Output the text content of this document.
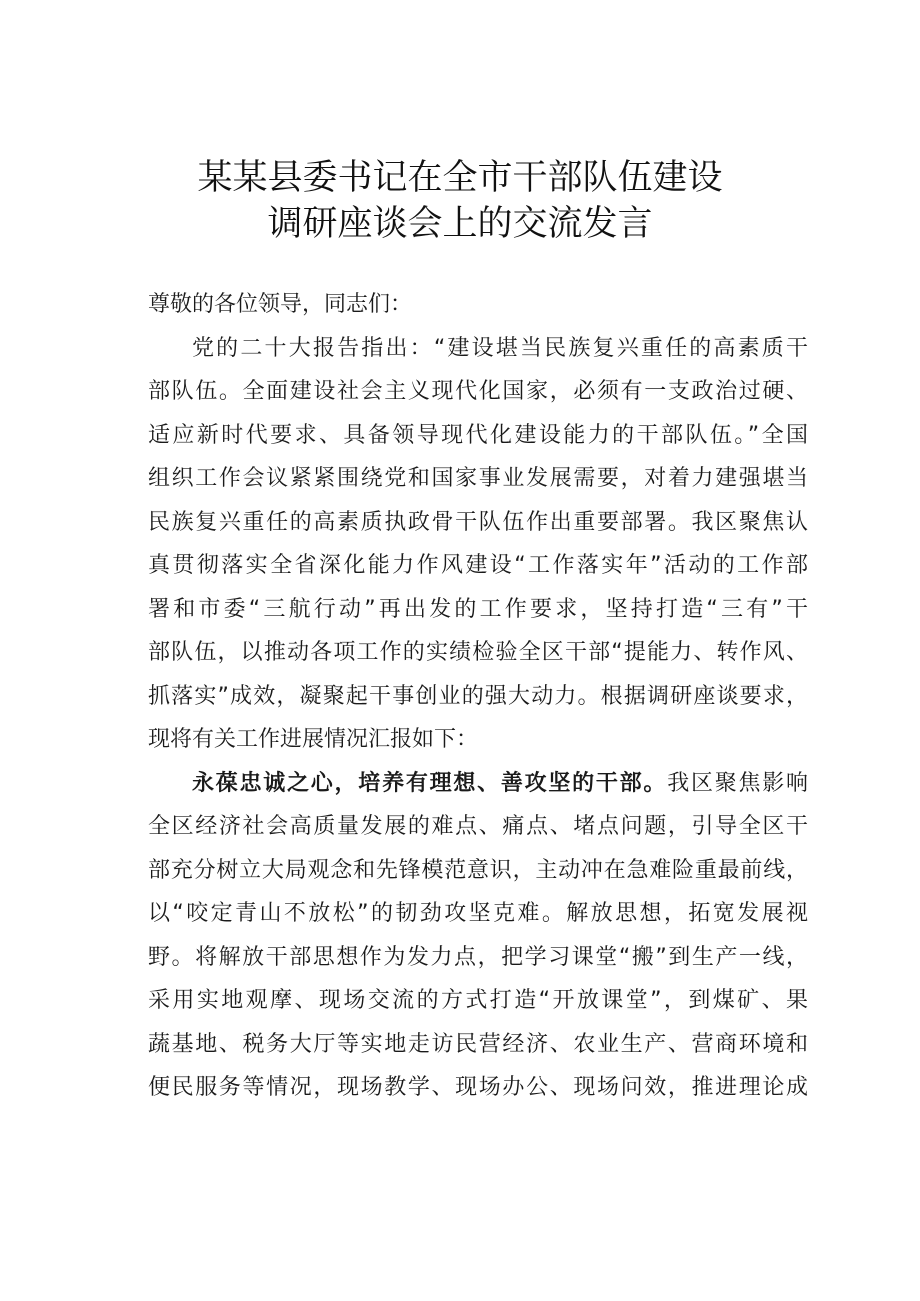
某某县委书记在全市干部队伍建设
调研座谈会上的交流发言
尊敬的各位领导，同志们：
党的二十大报告指出：“建设堪当民族复兴重任的高素质干
部队伍。全面建设社会主义现代化国家，必须有一支政治过硬、
适应新时代要求、具备领导现代化建设能力的干部队伍。”全国
组织工作会议紧紧围绕党和国家事业发展需要，对着力建强堪当
民族复兴重任的高素质执政骨干队伍作出重要部署。我区聚焦认
真贯彻落实全省深化能力作风建设“工作落实年”活动的工作部
署和市委“三航行动”再出发的工作要求，坚持打造“三有”干
部队伍，以推动各项工作的实绩检验全区干部“提能力、转作风、
抓落实”成效，凝聚起干事创业的强大动力。根据调研座谈要求，
现将有关工作进展情况汇报如下：
永葆忠诚之心，培养有理想、善攻坚的干部。我区聚焦影响
全区经济社会高质量发展的难点、痛点、堵点问题，引导全区干
部充分树立大局观念和先锋模范意识，主动冲在急难险重最前线，
以“咬定青山不放松”的韧劲攻坚克难。解放思想，拓宽发展视
野。将解放干部思想作为发力点，把学习课堂“搬”到生产一线，
采用实地观摩、现场交流的方式打造“开放课堂”，到煤矿、果
蔬基地、税务大厅等实地走访民营经济、农业生产、营商环境和
便民服务等情况，现场教学、现场办公、现场问效，推进理论成
